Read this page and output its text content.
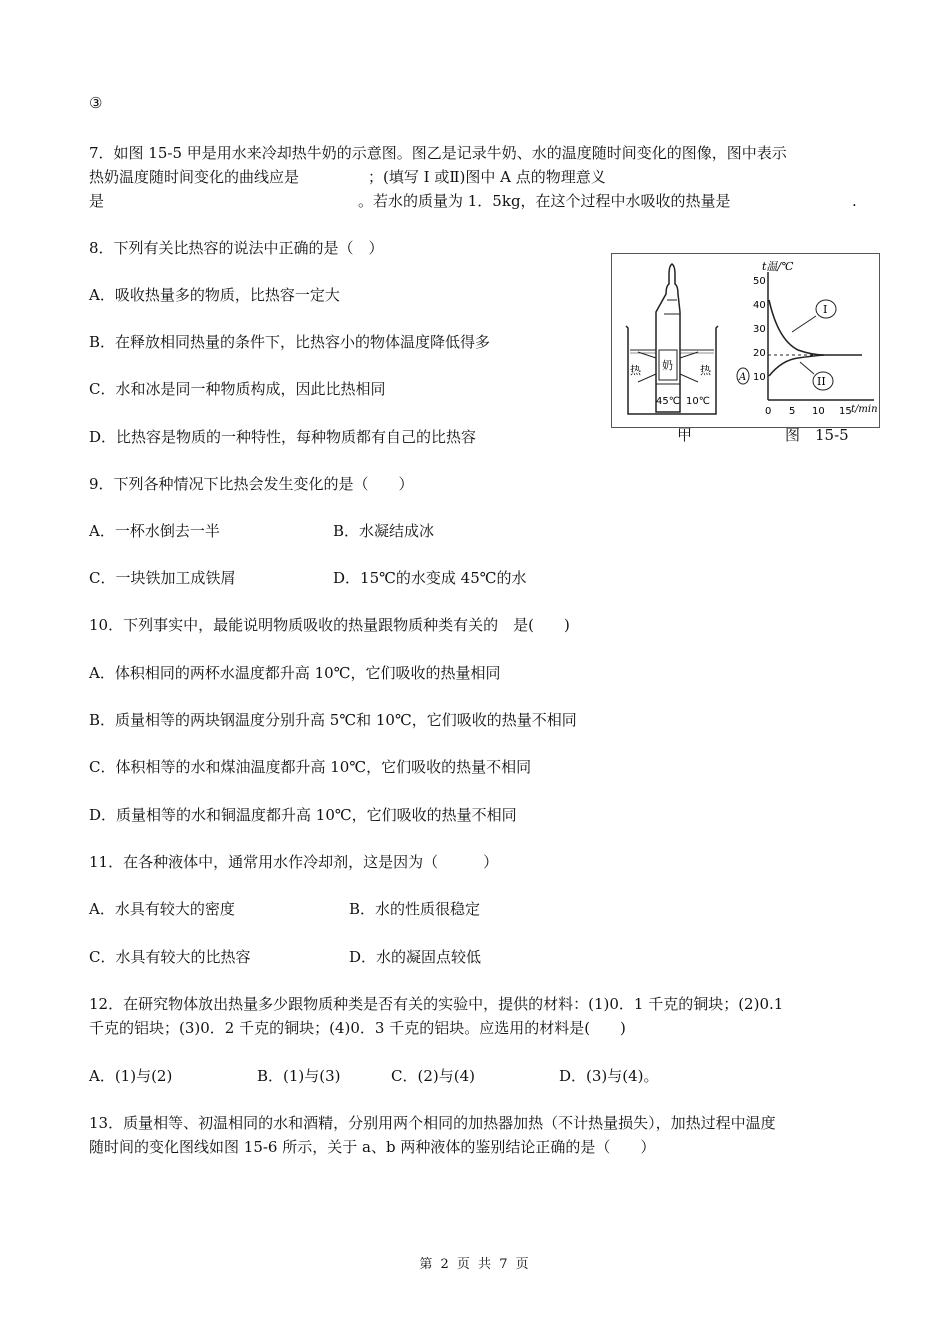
③
7．如图 15-5 甲是用水来冷却热牛奶的示意图。图乙是记录牛奶、水的温度随时间变化的图像，图中表示
热奶温度随时间变化的曲线应是	；(填写 I 或Ⅱ)图中 A 点的物理意义
是	。若水的质量为 1．5kg，在这个过程中水吸收的热量是	.
8．下列有关比热容的说法中正确的是（　）
A．吸收热量多的物质，比热容一定大
B．在释放相同热量的条件下，比热容小的物体温度降低得多
C．水和冰是同一种物质构成，因此比热相同
D．比热容是物质的一种特性，每种物质都有自己的比热容
热	热
奶
45℃ 10℃
t温/℃
t/min
50
40
30
20
10
0 5 10 15
I
II
A
甲	图　15-5
9．下列各种情况下比热会发生变化的是（　　）
A．一杯水倒去一半	B．水凝结成冰
C．一块铁加工成铁屑	D．15℃的水变成 45℃的水
10．下列事实中，最能说明物质吸收的热量跟物质种类有关的　是(　　)
A．体积相同的两杯水温度都升高 10℃，它们吸收的热量相同
B．质量相等的两块钢温度分别升高 5℃和 10℃，它们吸收的热量不相同
C．体积相等的水和煤油温度都升高 10℃，它们吸收的热量不相同
D．质量相等的水和铜温度都升高 10℃，它们吸收的热量不相同
11．在各种液体中，通常用水作冷却剂，这是因为（　　　）
A．水具有较大的密度	B．水的性质很稳定
C．水具有较大的比热容	D．水的凝固点较低
12．在研究物体放出热量多少跟物质种类是否有关的实验中，提供的材料：(1)0．1 千克的铜块；(2)0.1
千克的铝块；(3)0．2 千克的铜块；(4)0．3 千克的铝块。应选用的材料是(　　)
A．(1)与(2)	B．(1)与(3)	C．(2)与(4)	D．(3)与(4)。
13．质量相等、初温相同的水和酒精，分别用两个相同的加热器加热（不计热量损失），加热过程中温度
随时间的变化图线如图 15-6 所示，关于 a、b 两种液体的鉴别结论正确的是（　　）
第 2 页 共 7 页
